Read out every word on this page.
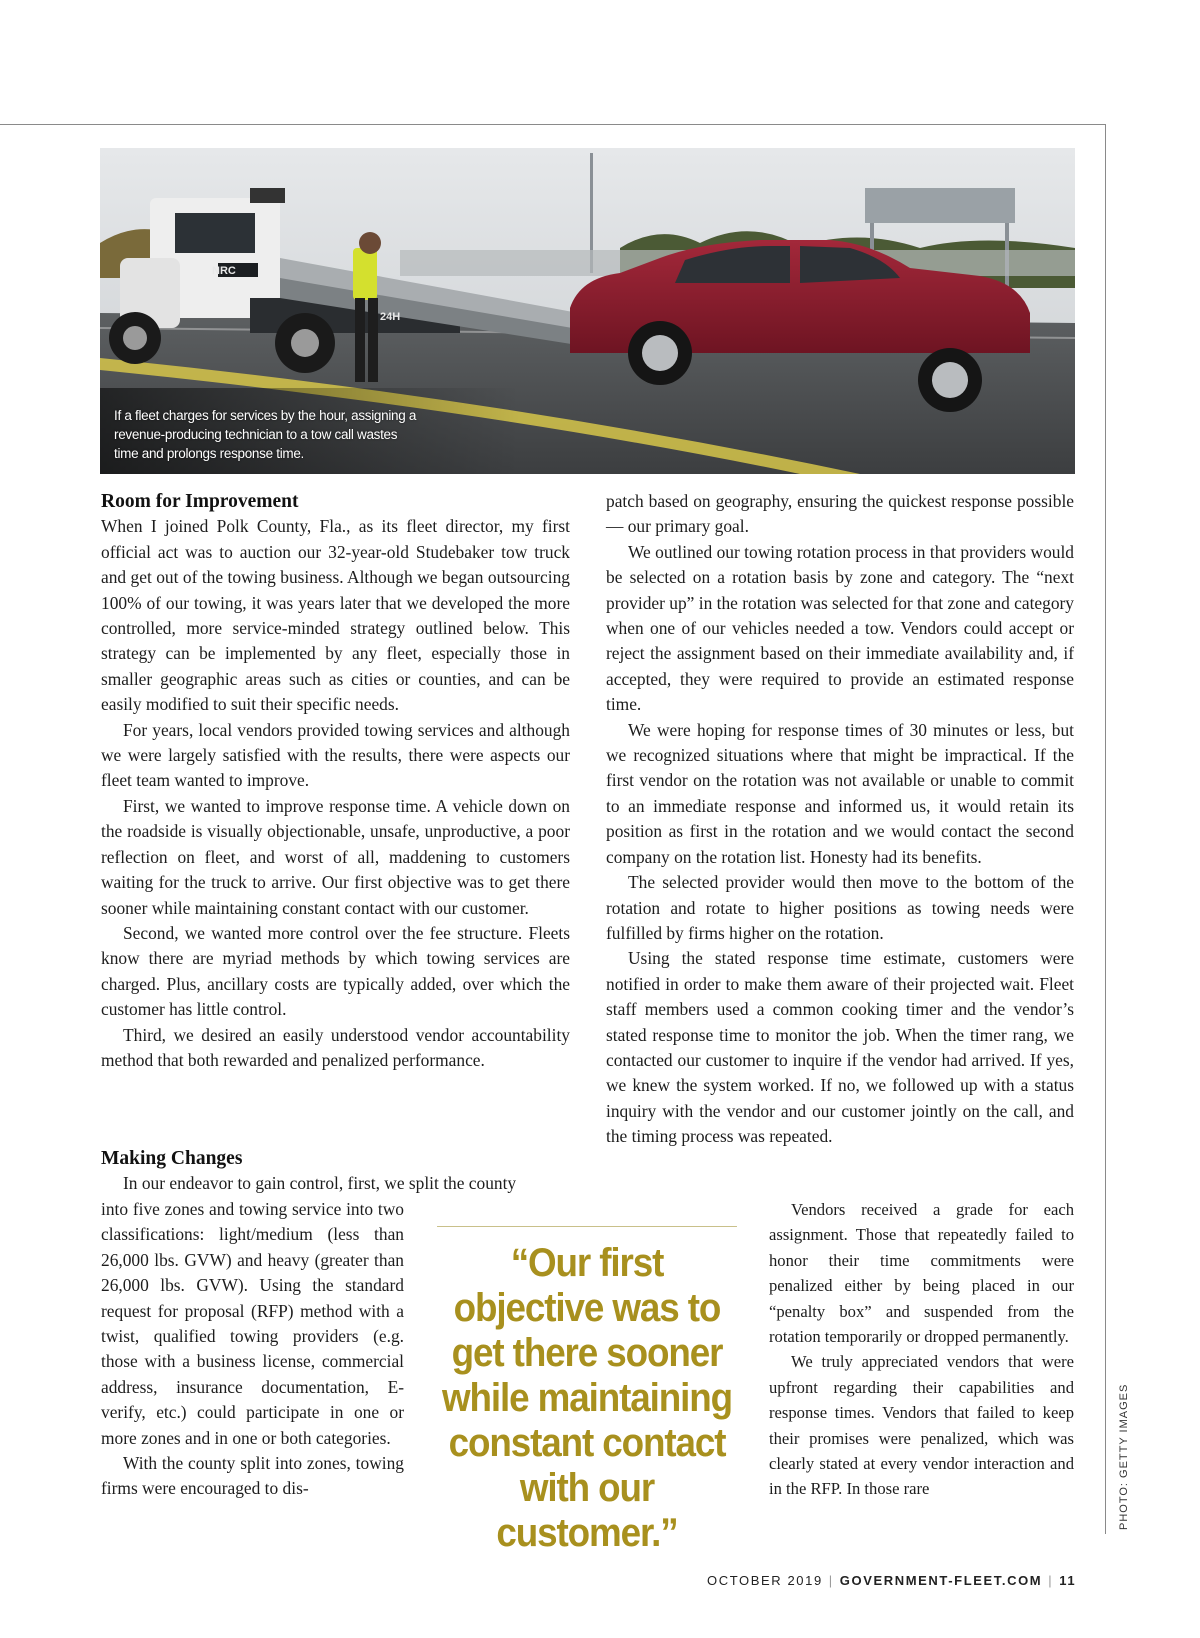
24H
NRC
If a fleet charges for services by the hour, assigning a revenue-producing technician to a tow call wastes time and prolongs response time.
Room for Improvement

When I joined Polk County, Fla., as its fleet director, my first official act was to auction our 32-year-old Studebaker tow truck and get out of the towing business. Although we began outsourcing 100% of our towing, it was years later that we developed the more controlled, more service-minded strategy outlined below. This strategy can be implemented by any fleet, especially those in smaller geographic areas such as cities or counties, and can be easily modified to suit their specific needs.

For years, local vendors provided towing services and although we were largely satisfied with the results, there were aspects our fleet team wanted to improve.

First, we wanted to improve response time. A vehicle down on the roadside is visually objectionable, unsafe, unproductive, a poor reflection on fleet, and worst of all, maddening to customers waiting for the truck to arrive. Our first objective was to get there sooner while maintaining constant contact with our customer.

Second, we wanted more control over the fee structure. Fleets know there are myriad methods by which towing services are charged. Plus, ancillary costs are typically added, over which the customer has little control.

Third, we desired an easily understood vendor accountability method that both rewarded and penalized performance.

Making Changes

In our endeavor to gain control, first, we split the county

into five zones and towing service into two classifications: light/medium (less than 26,000 lbs. GVW) and heavy (greater than 26,000 lbs. GVW). Using the standard request for proposal (RFP) method with a twist, qualified towing providers (e.g. those with a business license, commercial address, insurance documentation, E-verify, etc.) could participate in one or more zones and in one or both categories.

With the county split into zones, towing firms were encouraged to dis-

patch based on geography, ensuring the quickest response possible — our primary goal.

We outlined our towing rotation process in that providers would be selected on a rotation basis by zone and category. The “next provider up” in the rotation was selected for that zone and category when one of our vehicles needed a tow. Vendors could accept or reject the assignment based on their immediate availability and, if accepted, they were required to provide an estimated response time.

We were hoping for response times of 30 minutes or less, but we recognized situations where that might be impractical. If the first vendor on the rotation was not available or unable to commit to an immediate response and informed us, it would retain its position as first in the rotation and we would contact the second company on the rotation list. Honesty had its benefits.

The selected provider would then move to the bottom of the rotation and rotate to higher positions as towing needs were fulfilled by firms higher on the rotation.

Using the stated response time estimate, customers were notified in order to make them aware of their projected wait. Fleet staff members used a common cooking timer and the vendor’s stated response time to monitor the job. When the timer rang, we contacted our customer to inquire if the vendor had arrived. If yes, we knew the system worked. If no, we followed up with a status inquiry with the vendor and our customer jointly on the call, and the timing process was repeated.

Vendors received a grade for each assignment. Those that repeatedly failed to honor their time commitments were penalized either by being placed in our “penalty box” and suspended from the rotation temporarily or dropped permanently.

We truly appreciated vendors that were upfront regarding their capabilities and response times. Vendors that failed to keep their promises were penalized, which was clearly stated at every vendor interaction and in the RFP. In those rare

“Our first objective was to get there sooner while maintaining constant contact with our customer.”
PHOTO: GETTY IMAGES
OCTOBER 2019 | GOVERNMENT-FLEET.COM | 11
